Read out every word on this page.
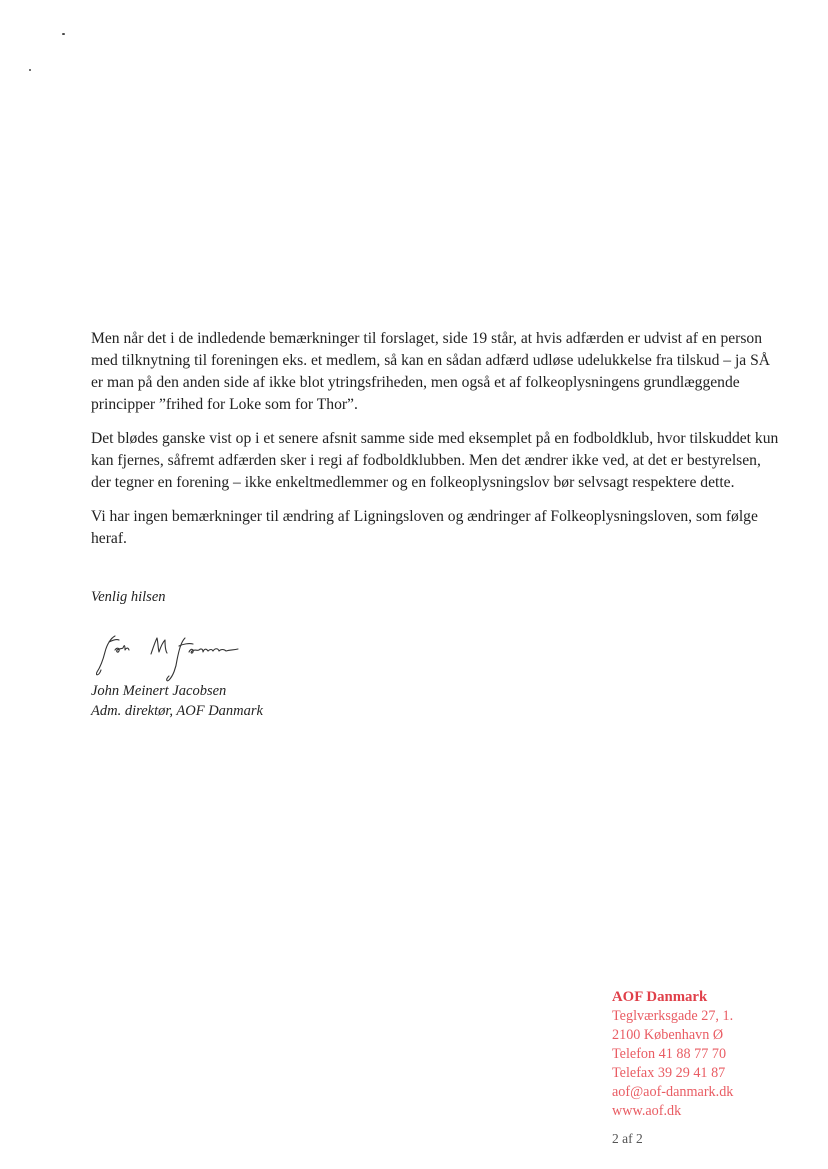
Men når det i de indledende bemærkninger til forslaget, side 19 står, at hvis adfærden er udvist af en person med tilknytning til foreningen eks. et medlem, så kan en sådan adfærd udløse udelukkelse fra tilskud – ja SÅ er man på den anden side af ikke blot ytringsfriheden, men også et af folkeoplysningens grundlæggende principper ”frihed for Loke som for Thor”.

Det blødes ganske vist op i et senere afsnit samme side med eksemplet på en fodboldklub, hvor tilskuddet kun kan fjernes, såfremt adfærden sker i regi af fodboldklubben. Men det ændrer ikke ved, at det er bestyrelsen, der tegner en forening – ikke enkeltmedlemmer og en folkeoplysningslov bør selvsagt respektere dette.

Vi har ingen bemærkninger til ændring af Ligningsloven og ændringer af Folkeoplysningsloven, som følge heraf.

Venlig hilsen
John Meinert Jacobsen
Adm. direktør, AOF Danmark
AOF Danmark
Teglværksgade 27, 1.
2100 København Ø
Telefon 41 88 77 70
Telefax 39 29 41 87
aof@aof-danmark.dk
www.aof.dk
2 af 2
